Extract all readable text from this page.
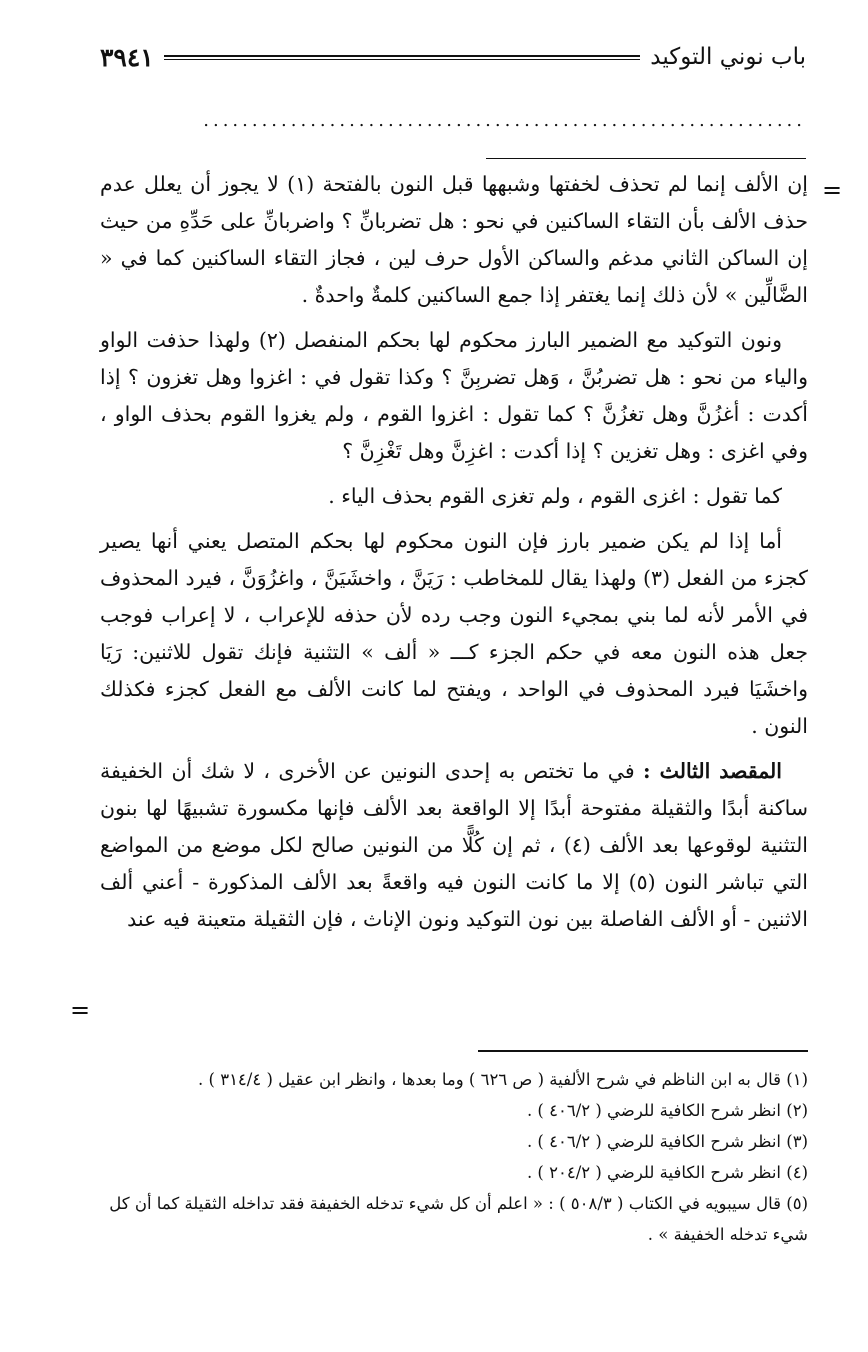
باب نوني التوكيد
٣٩٤١
..............................................................
=

إن الألف إنما لم تحذف لخفتها وشبهها قبل النون بالفتحة (١) لا يجوز أن يعلل عدم حذف الألف بأن التقاء الساكنين في نحو : هل تضربانِّ ؟ واضربانِّ على حَدِّهِ من حيث إن الساكن الثاني مدغم والساكن الأول حرف لين ، فجاز التقاء الساكنين كما في « الضَّالِّين » لأن ذلك إنما يغتفر إذا جمع الساكنين كلمةٌ واحدةٌ .

ونون التوكيد مع الضمير البارز محكوم لها بحكم المنفصل (٢) ولهذا حذفت الواو والياء من نحو : هل تضربُنَّ ، وَهل تضربِنَّ ؟ وكذا تقول في : اغزوا وهل تغزون ؟ إذا أكدت : أغزُنَّ وهل تغزُنَّ ؟ كما تقول : اغزوا القوم ، ولم يغزوا القوم بحذف الواو ، وفي اغزى : وهل تغزين ؟ إذا أكدت : اغزِنَّ وهل تَغْزِنَّ ؟

كما تقول : اغزى القوم ، ولم تغزى القوم بحذف الياء .

أما إذا لم يكن ضمير بارز فإن النون محكوم لها بحكم المتصل يعني أنها يصير كجزء من الفعل (٣) ولهذا يقال للمخاطب : رَيَنَّ ، واخشَيَنَّ ، واغزُوَنَّ ، فيرد المحذوف في الأمر لأنه لما بني بمجيء النون وجب رده لأن حذفه للإعراب ، لا إعراب فوجب جعل هذه النون معه في حكم الجزء كـــ « ألف » التثنية فإنك تقول للاثنين: رَيَا واخشَيَا فيرد المحذوف في الواحد ، ويفتح لما كانت الألف مع الفعل كجزء فكذلك النون .

المقصد الثالث : في ما تختص به إحدى النونين عن الأخرى ، لا شك أن الخفيفة ساكنة أبدًا والثقيلة مفتوحة أبدًا إلا الواقعة بعد الألف فإنها مكسورة تشبيهًا لها بنون التثنية لوقوعها بعد الألف (٤) ، ثم إن كُلًّا من النونين صالح لكل موضع من المواضع التي تباشر النون (٥) إلا ما كانت النون فيه واقعةً بعد الألف المذكورة - أعني ألف الاثنين - أو الألف الفاصلة بين نون التوكيد ونون الإناث ، فإن الثقيلة متعينة فيه عند

=

(١) قال به ابن الناظم في شرح الألفية ( ص ٦٢٦ ) وما بعدها ، وانظر ابن عقيل ( ٣١٤/٤ ) .

(٢) انظر شرح الكافية للرضي ( ٤٠٦/٢ ) .

(٣) انظر شرح الكافية للرضي ( ٤٠٦/٢ ) .

(٤) انظر شرح الكافية للرضي ( ٢٠٤/٢ ) .

(٥) قال سيبويه في الكتاب ( ٥٠٨/٣ ) : « اعلم أن كل شيء تدخله الخفيفة فقد تداخله الثقيلة كما أن كل شيء تدخله الخفيفة » .
